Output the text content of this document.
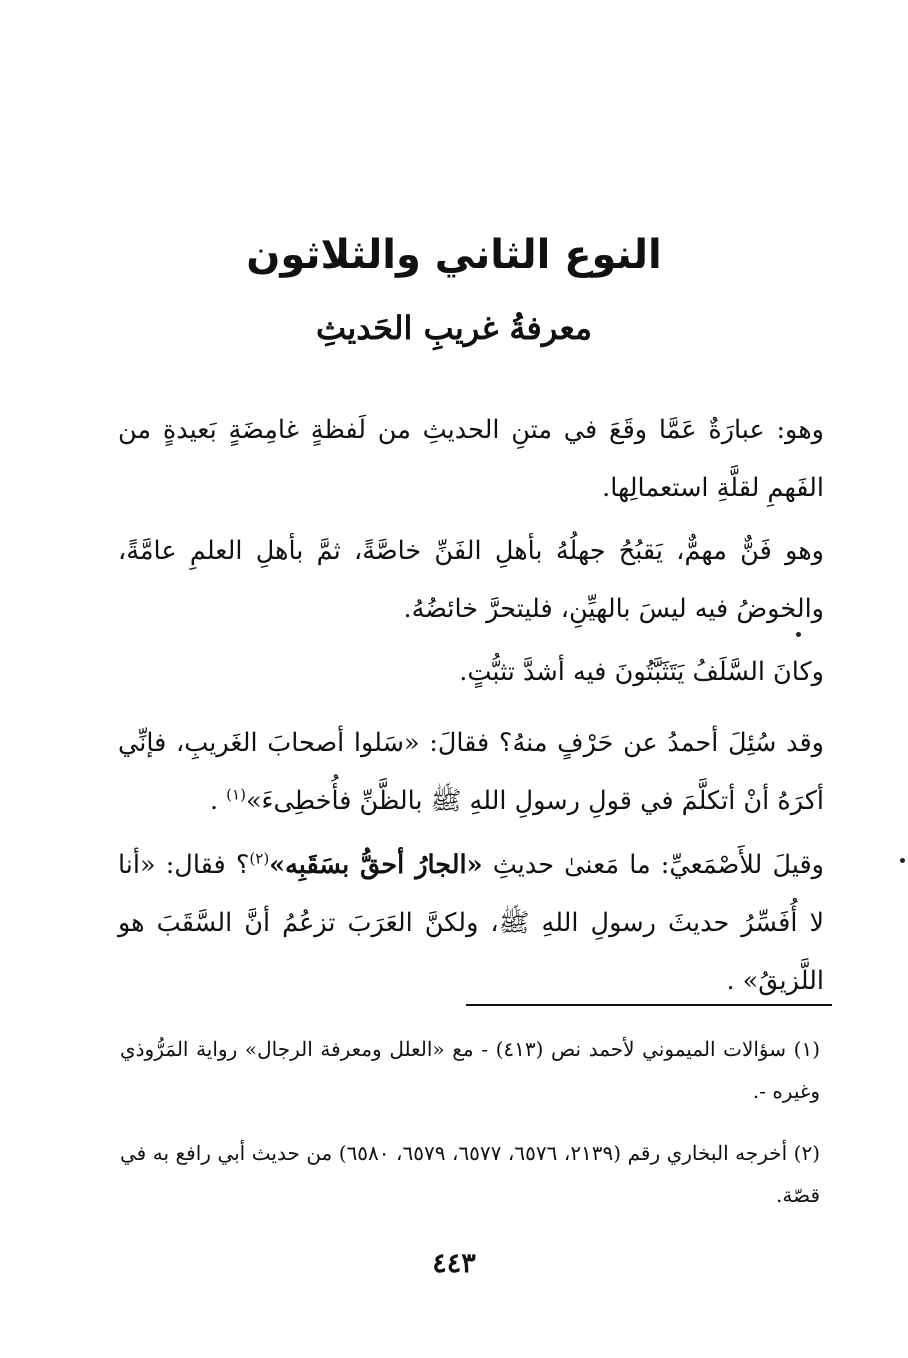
النوع الثاني والثلاثون
معرفةُ غريبِ الحَديثِ

وهو: عبارَةٌ عَمَّا وقَعَ في متنِ الحديثِ من لَفظةٍ غامِضَةٍ بَعيدةٍ من الفَهمِ لقلَّةِ استعمالِها.

وهو فَنٌّ مهمٌّ، يَقبُحُ جهلُهُ بأهلِ الفَنِّ خاصَّةً، ثمَّ بأهلِ العلمِ عامَّةً، والخوضُ فيه ليسَ بالهيِّنِ، فليتحرَّ خائضُهُ.

وكانَ السَّلَفُ يَتَثَبَّتُونَ فيه أشدَّ تثبُّتٍ.

وقد سُئِلَ أحمدُ عن حَرْفٍ منهُ؟ فقالَ: «سَلوا أصحابَ الغَريبِ، فإنِّي أكرَهُ أنْ أتكلَّمَ في قولِ رسولِ اللهِ ﷺ بالظَّنِّ فأُخطِىءَ»$^{(١)}$ .

وقيلَ للأَصْمَعيِّ: ما مَعنىٰ حديثِ «الجارُ أحقُّ بسَقَبِه»$^{(٢)}$؟ فقال: «أنا لا أُفَسِّرُ حديثَ رسولِ اللهِ ﷺ، ولكنَّ العَرَبَ تزعُمُ أنَّ السَّقَبَ هو اللَّزيقُ» .

(١) سؤالات الميموني لأحمد نص (٤١٣) - مع «العلل ومعرفة الرجال» رواية المَرُّوذي وغيره -.

(٢) أخرجه البخاري رقم (٢١٣٩، ٦٥٧٦، ٦٥٧٧، ٦٥٧٩، ٦٥٨٠) من حديث أبي رافع به في قصّة.

٤٤٣
